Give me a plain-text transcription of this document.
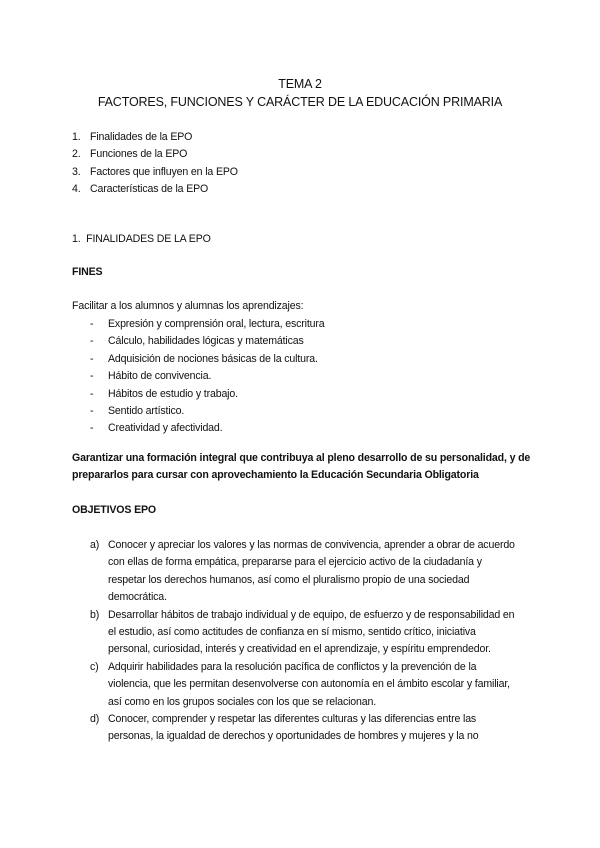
TEMA 2
FACTORES, FUNCIONES Y CARÁCTER DE LA EDUCACIÓN PRIMARIA
1. Finalidades de la EPO
2. Funciones de la EPO
3. Factores que influyen en la EPO
4. Características de la EPO
1.  FINALIDADES DE LA EPO
FINES
Facilitar a los alumnos y alumnas los aprendizajes:
-	Expresión y comprensión oral, lectura, escritura
-	Cálculo, habilidades lógicas y matemáticas
-	Adquisición de nociones básicas de la cultura.
-	Hábito de convivencia.
-	Hábitos de estudio y trabajo.
-	Sentido artístico.
-	Creatividad y afectividad.
Garantizar una formación integral que contribuya al pleno desarrollo de su personalidad, y de prepararlos para cursar con aprovechamiento la Educación Secundaria Obligatoria
OBJETIVOS EPO
a) Conocer y apreciar los valores y las normas de convivencia, aprender a obrar de acuerdo con ellas de forma empática, prepararse para el ejercicio activo de la ciudadanía y respetar los derechos humanos, así como el pluralismo propio de una sociedad democrática.
b) Desarrollar hábitos de trabajo individual y de equipo, de esfuerzo y de responsabilidad en el estudio, así como actitudes de confianza en sí mismo, sentido crítico, iniciativa personal, curiosidad, interés y creatividad en el aprendizaje, y espíritu emprendedor.
c) Adquirir habilidades para la resolución pacífica de conflictos y la prevención de la violencia, que les permitan desenvolverse con autonomía en el ámbito escolar y familiar, así como en los grupos sociales con los que se relacionan.
d) Conocer, comprender y respetar las diferentes culturas y las diferencias entre las personas, la igualdad de derechos y oportunidades de hombres y mujeres y la no
